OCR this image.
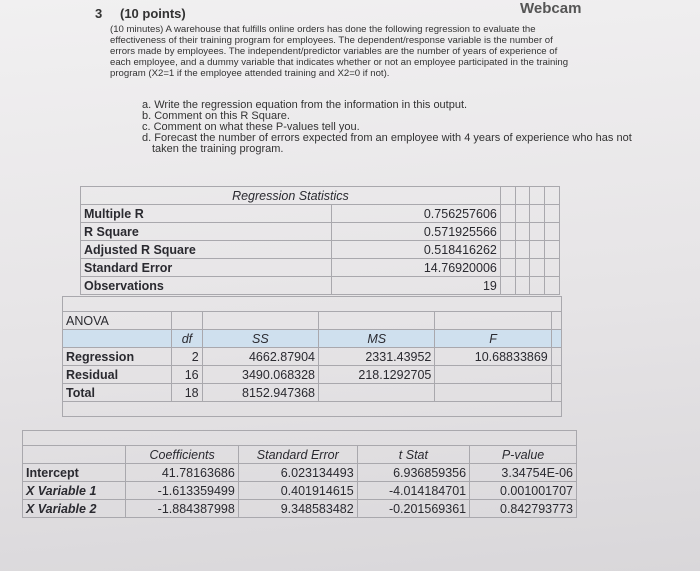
3 (10 points)	Webcam

(10 minutes) A warehouse that fulfills online orders has done the following regression to evaluate the

effectiveness of their training program for employees. The dependent/response variable is the number of

errors made by employees. The independent/predictor variables are the number of years of experience of

each employee, and a dummy variable that indicates whether or not an employee participated in the training

program (X2=1 if the employee attended training and X2=0 if not).

a. Write the regression equation from the information in this output.
b. Comment on this R Square.
c. Comment on what these P-values tell you.
d. Forecast the number of errors expected from an employee with 4 years of experience who has not
taken the training program.
Regression Statistics					
Multiple R	0.756257606				
R Square	0.571925566				
Adjusted R Square	0.518416262				
Standard Error	14.76920006				
Observations	19				

ANOVA					
	df	SS	MS	F	
Regression	2	4662.87904	2331.43952	10.68833869	
Residual	16	3490.068328	218.1292705		
Total	18	8152.947368			

	Coefficients	Standard Error	t Stat	P-value
Intercept	41.78163686	6.023134493	6.936859356	3.34754E-06
X Variable 1	-1.613359499	0.401914615	-4.014184701	0.001001707
X Variable 2	-1.884387998	9.348583482	-0.201569361	0.842793773
